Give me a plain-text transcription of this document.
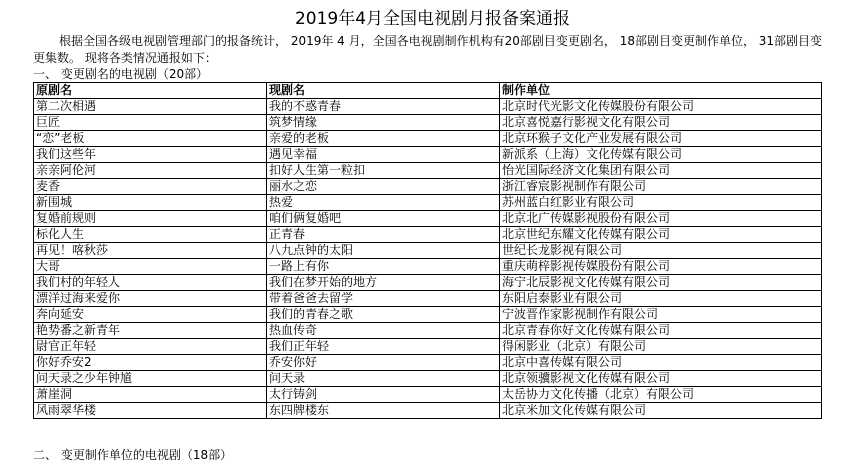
2019年4月全国电视剧月报备案通报
根据全国各级电视剧管理部门的报备统计， 2019年 4 月，全国各电视剧制作机构有20部剧目变更剧名， 18部剧目变更制作单位， 31部剧目变更集数。 现将各类情况通报如下：
一、 变更剧名的电视剧（20部）
原剧名	现剧名	制作单位
第二次相遇	我的不惑青春	北京时代光影文化传媒股份有限公司
巨匠	筑梦情缘	北京喜悦嘉行影视文化有限公司
“恋”老板	亲爱的老板	北京环猴子文化产业发展有限公司
我们这些年	遇见幸福	新派系（上海）文化传媒有限公司
亲亲阿伦河	扣好人生第一粒扣	怡光国际经济文化集团有限公司
麦香	丽水之恋	浙江睿宸影视制作有限公司
新围城	热爱	苏州蓝白红影业有限公司
复婚前规则	咱们俩复婚吧	北京北广传媒影视股份有限公司
标化人生	正青春	北京世纪东耀文化传媒有限公司
再见！喀秋莎	八九点钟的太阳	世纪长龙影视有限公司
大哥	一路上有你	重庆萌梓影视传媒股份有限公司
我们村的年轻人	我们在梦开始的地方	海宁北辰影视文化传媒有限公司
漂洋过海来爱你	带着爸爸去留学	东阳启泰影业有限公司
奔向延安	我们的青春之歌	宁波晋作家影视制作有限公司
艳势番之新青年	热血传奇	北京青春你好文化传媒有限公司
尉官正年轻	我们正年轻	得闲影业（北京）有限公司
你好乔安2	乔安你好	北京中喜传媒有限公司
问天录之少年钟馗	问天录	北京领骥影视文化传媒有限公司
萧崖洞	太行铸剑	太岳协力文化传播（北京）有限公司
风雨翠华楼	东四牌楼东	北京米加文化传媒有限公司
二、 变更制作单位的电视剧（18部）
